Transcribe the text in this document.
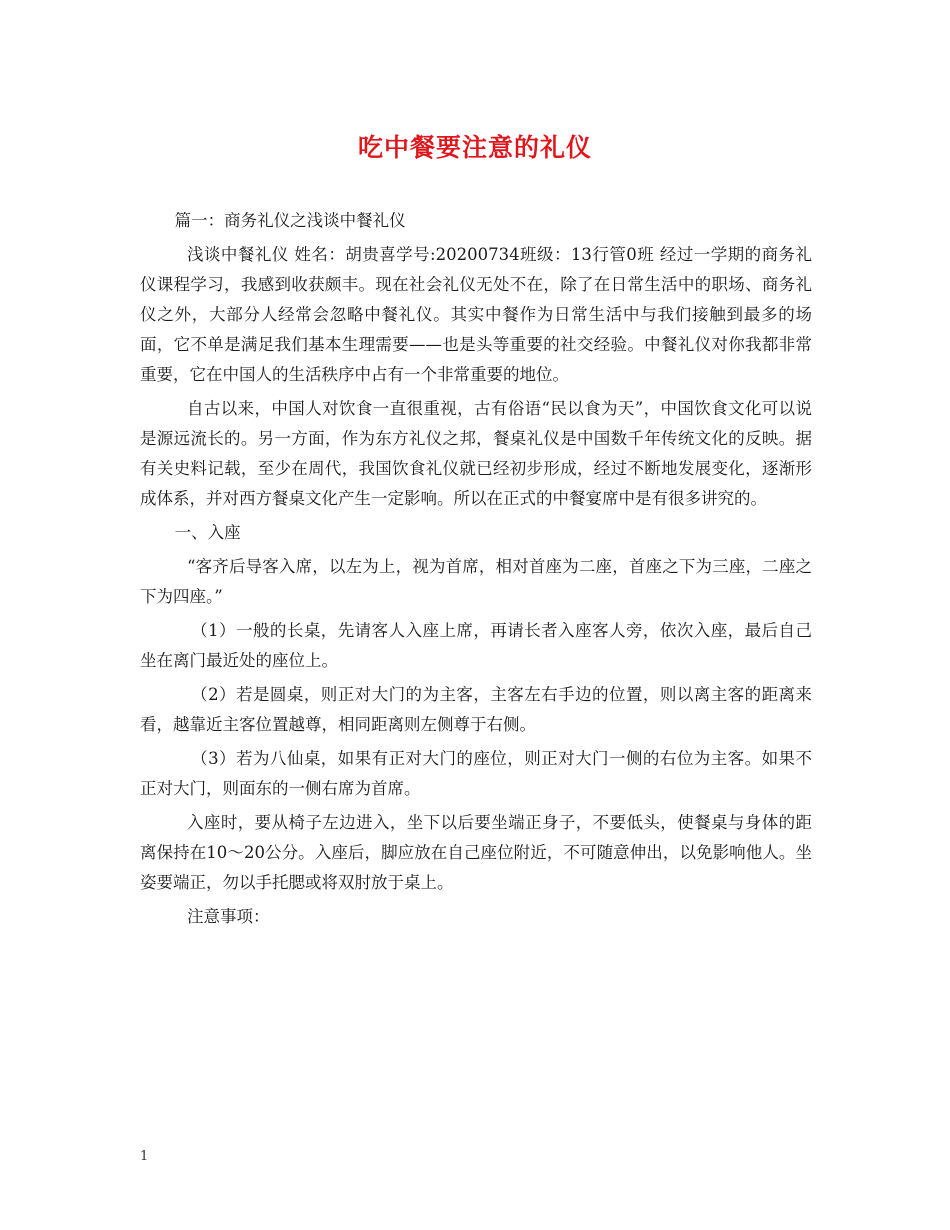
吃中餐要注意的礼仪

篇一：商务礼仪之浅谈中餐礼仪

浅谈中餐礼仪 姓名：胡贵喜学号:20200734班级：13行管0班 经过一学期的商务礼仪课程学习，我感到收获颇丰。现在社会礼仪无处不在，除了在日常生活中的职场、商务礼仪之外，大部分人经常会忽略中餐礼仪。其实中餐作为日常生活中与我们接触到最多的场面，它不单是满足我们基本生理需要——也是头等重要的社交经验。中餐礼仪对你我都非常重要，它在中国人的生活秩序中占有一个非常重要的地位。

自古以来，中国人对饮食一直很重视，古有俗语“民以食为天”，中国饮食文化可以说是源远流长的。另一方面，作为东方礼仪之邦，餐桌礼仪是中国数千年传统文化的反映。据有关史料记载，至少在周代，我国饮食礼仪就已经初步形成，经过不断地发展变化，逐渐形成体系，并对西方餐桌文化产生一定影响。所以在正式的中餐宴席中是有很多讲究的。

一、入座

“客齐后导客入席，以左为上，视为首席，相对首座为二座，首座之下为三座，二座之下为四座。”

（1）一般的长桌，先请客人入座上席，再请长者入座客人旁，依次入座，最后自己坐在离门最近处的座位上。

（2）若是圆桌，则正对大门的为主客，主客左右手边的位置，则以离主客的距离来看，越靠近主客位置越尊，相同距离则左侧尊于右侧。

（3）若为八仙桌，如果有正对大门的座位，则正对大门一侧的右位为主客。如果不正对大门，则面东的一侧右席为首席。

入座时，要从椅子左边进入，坐下以后要坐端正身子，不要低头，使餐桌与身体的距离保持在10～20公分。入座后，脚应放在自己座位附近，不可随意伸出，以免影响他人。坐姿要端正，勿以手托腮或将双肘放于桌上。

注意事项：

1
